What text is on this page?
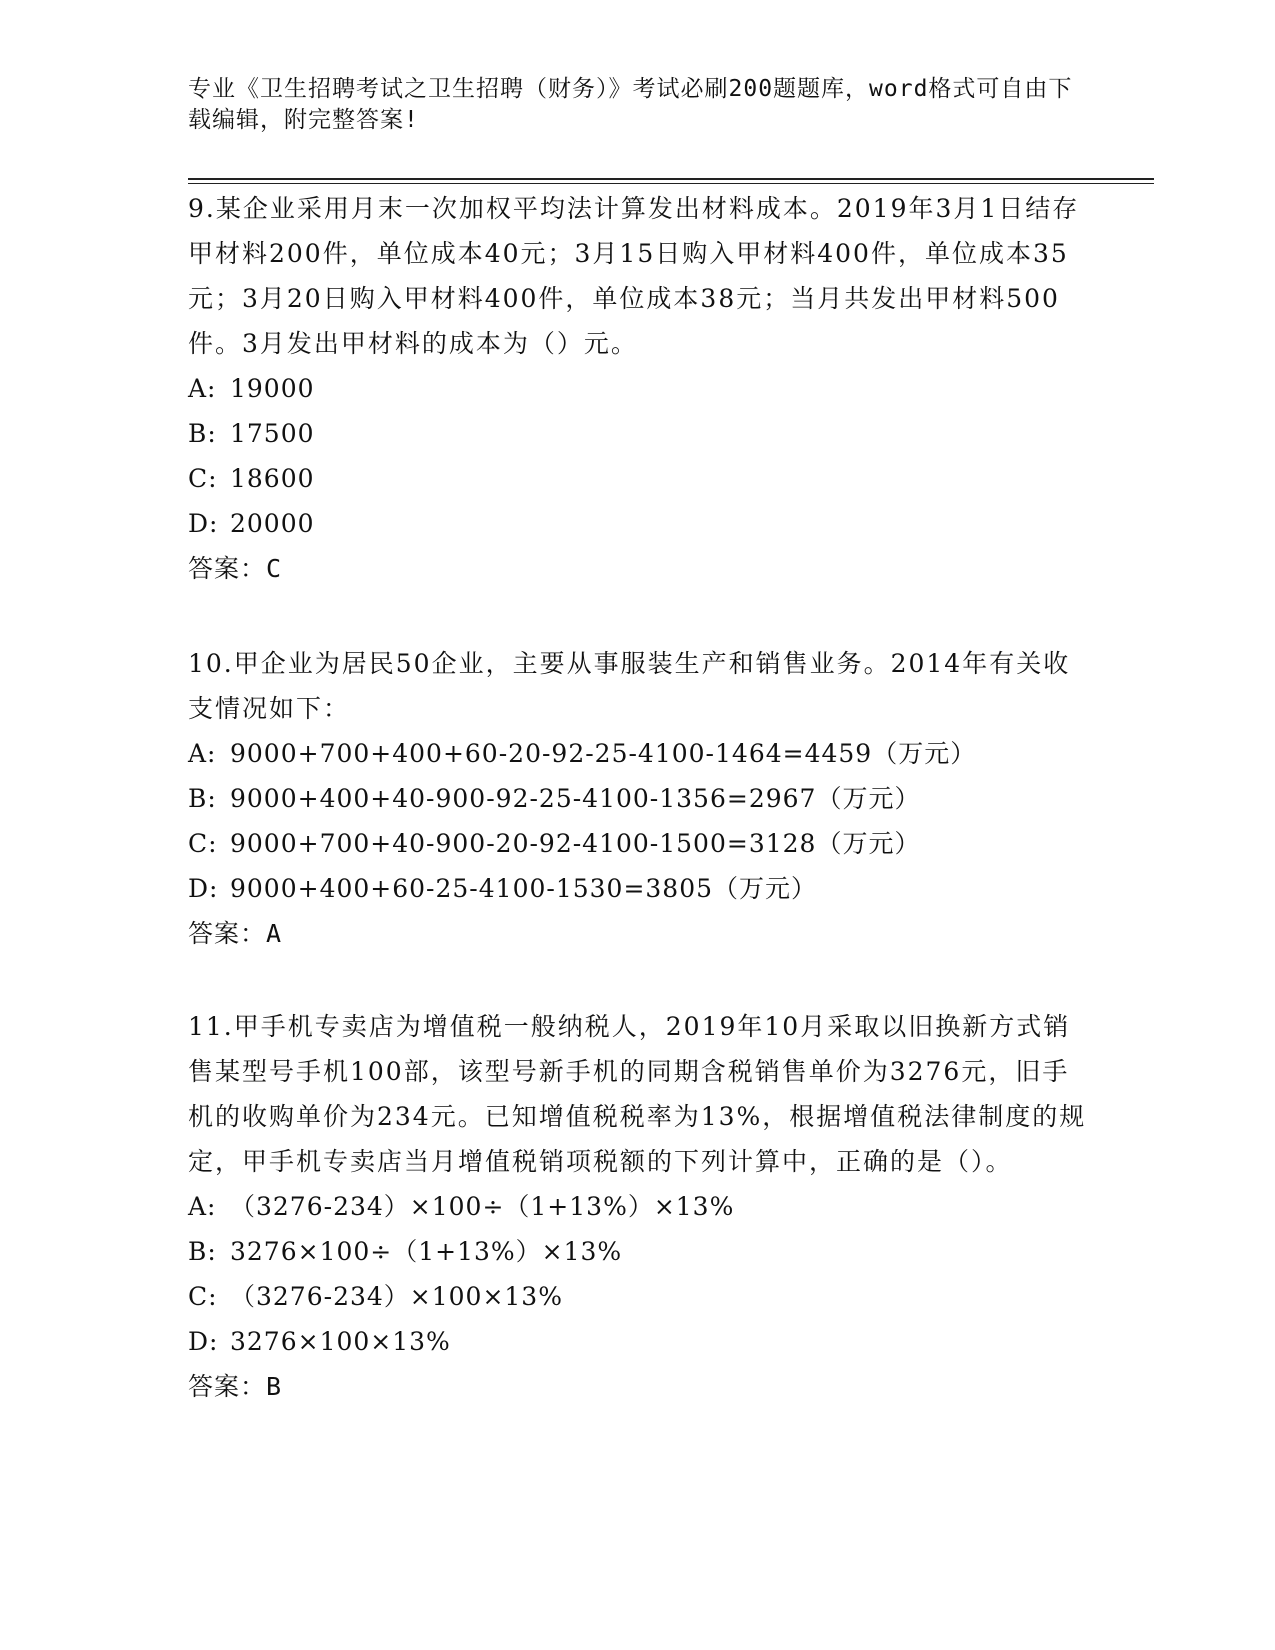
专业《卫生招聘考试之卫生招聘（财务）》考试必刷200题题库，word格式可自由下载编辑，附完整答案!

9.某企业采用月末一次加权平均法计算发出材料成本。2019年3月1日结存甲材料200件，单位成本40元；3月15日购入甲材料400件，单位成本35元；3月20日购入甲材料400件，单位成本38元；当月共发出甲材料500件。3月发出甲材料的成本为（）元。

A: 19000

B: 17500

C: 18600

D: 20000

答案：C

10.甲企业为居民50企业，主要从事服装生产和销售业务。2014年有关收支情况如下：

A: 9000+700+400+60-20-92-25-4100-1464=4459（万元）

B: 9000+400+40-900-92-25-4100-1356=2967（万元）

C: 9000+700+40-900-20-92-4100-1500=3128（万元）

D: 9000+400+60-25-4100-1530=3805（万元）

答案：A

11.甲手机专卖店为增值税一般纳税人，2019年10月采取以旧换新方式销售某型号手机100部，该型号新手机的同期含税销售单价为3276元，旧手机的收购单价为234元。已知增值税税率为13%，根据增值税法律制度的规定，甲手机专卖店当月增值税销项税额的下列计算中，正确的是（）。

A: （3276-234）×100÷（1+13%）×13%

B: 3276×100÷（1+13%）×13%

C: （3276-234）×100×13%

D: 3276×100×13%

答案：B
